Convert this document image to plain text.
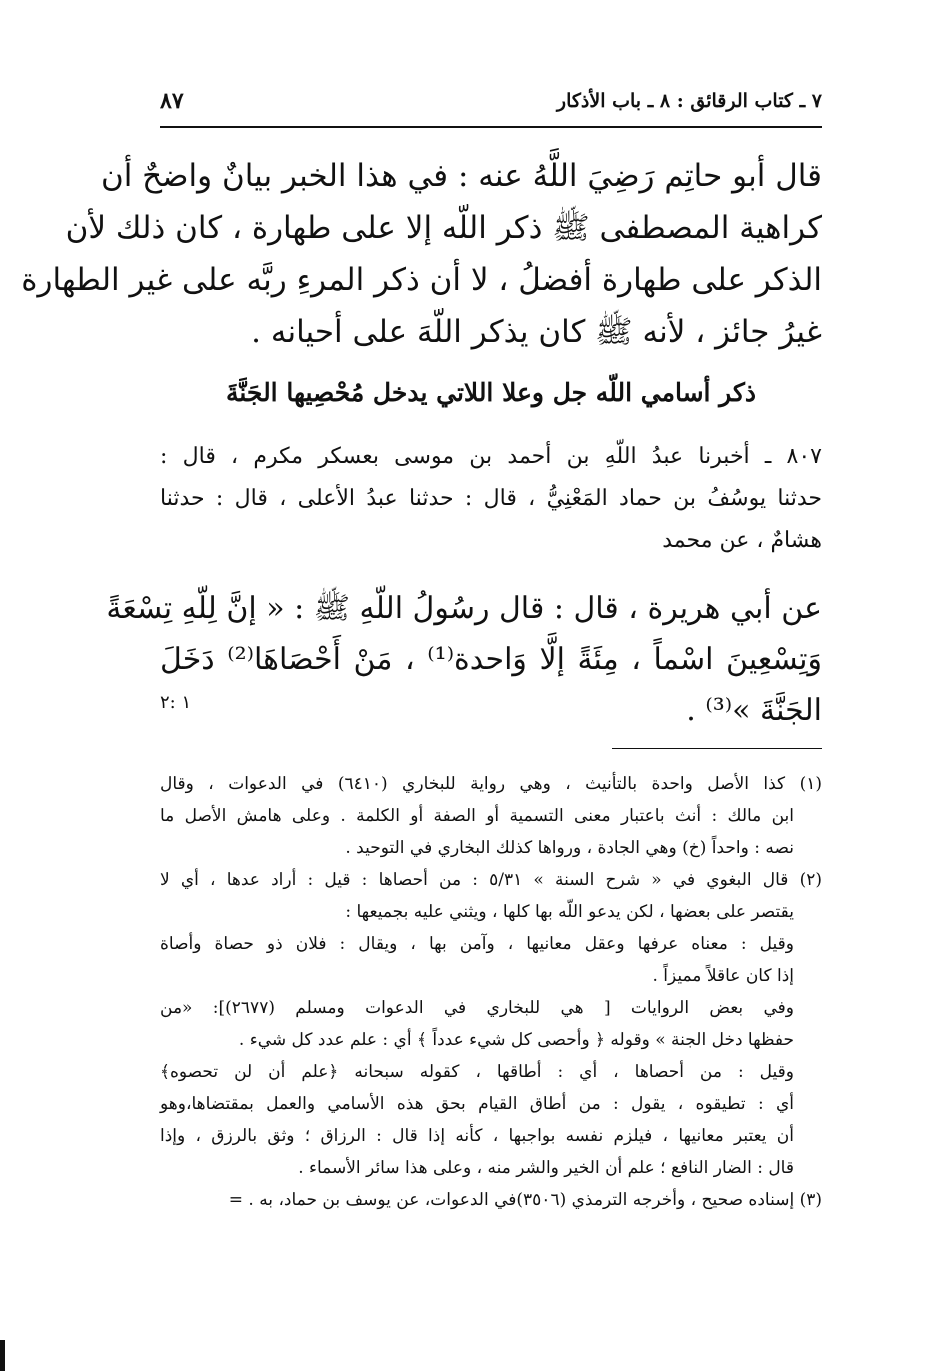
٧ ـ كتاب الرقائق : ٨ ـ باب الأذكار
٨٧

قال أبو حاتِم رَضِيَ اللَّهُ عنه : في هذا الخبر بيانٌ واضحٌ أن

كراهية المصطفى ﷺ ذكر اللّه إلا على طهارة ، كان ذلك لأن

الذكر على طهارة أفضلُ ، لا أن ذكر المرءِ ربَّه على غير الطهارة

غيرُ جائز ، لأنه ﷺ كان يذكر اللّهَ على أحيانه .

ذكر أسامي اللّه جل وعلا اللاتي يدخل مُحْصِيها الجَنَّةَ

٨٠٧ ـ أخبرنا عبدُ اللّهِ بن أحمد بن موسى بعسكر مكرم ، قال :

حدثنا يوسُفُ بن حماد المَعْنِيُّ ، قال : حدثنا عبدُ الأعلى ، قال : حدثنا

هشامٌ ، عن محمد

عن أبي هريرة ، قال : قال رسُولُ اللّهِ ﷺ : « إنَّ لِلّهِ تِسْعَةً

وَتِسْعِينَ اسْماً ، مِئَةً إلَّا وَاحدة⁽¹⁾ ، مَنْ أَحْصَاهَا⁽²⁾ دَخَلَ

الجَنَّةَ »⁽³⁾ .

١ :٢

(١) كذا الأصل واحدة بالتأنيث ، وهي رواية للبخاري (٦٤١٠) في الدعوات ، وقال

ابن مالك : أنث باعتبار معنى التسمية أو الصفة أو الكلمة . وعلى هامش الأصل ما

نصه : واحداً (خ) وهي الجادة ، ورواها كذلك البخاري في التوحيد .

(٢) قال البغوي في « شرح السنة » ٥/٣١ : من أحصاها : قيل : أراد عدها ، أي لا

يقتصر على بعضها ، لكن يدعو اللّه بها كلها ، ويثني عليه بجميعها :

وقيل : معناه عرفها وعقل معانيها ، وآمن بها ، ويقال : فلان ذو حصاة وأصاة

إذا كان عاقلاً مميزاً .

وفي بعض الروايات [ هي للبخاري في الدعوات ومسلم (٢٦٧٧)]: «من

حفظها دخل الجنة » وقوله ﴿ وأحصى كل شيء عدداً ﴾ أي : علم عدد كل شيء .

وقيل : من أحصاها ، أي : أطاقها ، كقوله سبحانه ﴿علم أن لن تحصوه﴾

أي : تطيقوه ، يقول : من أطاق القيام بحق هذه الأسامي والعمل بمقتضاها،وهو

أن يعتبر معانيها ، فيلزم نفسه بواجبها ، كأنه إذا قال : الرزاق ؛ وثق بالرزق ، وإذا

قال : الضار النافع ؛ علم أن الخير والشر منه ، وعلى هذا سائر الأسماء .

(٣) إسناده صحيح ، وأخرجه الترمذي (٣٥٠٦)في الدعوات، عن يوسف بن حماد، به . =
